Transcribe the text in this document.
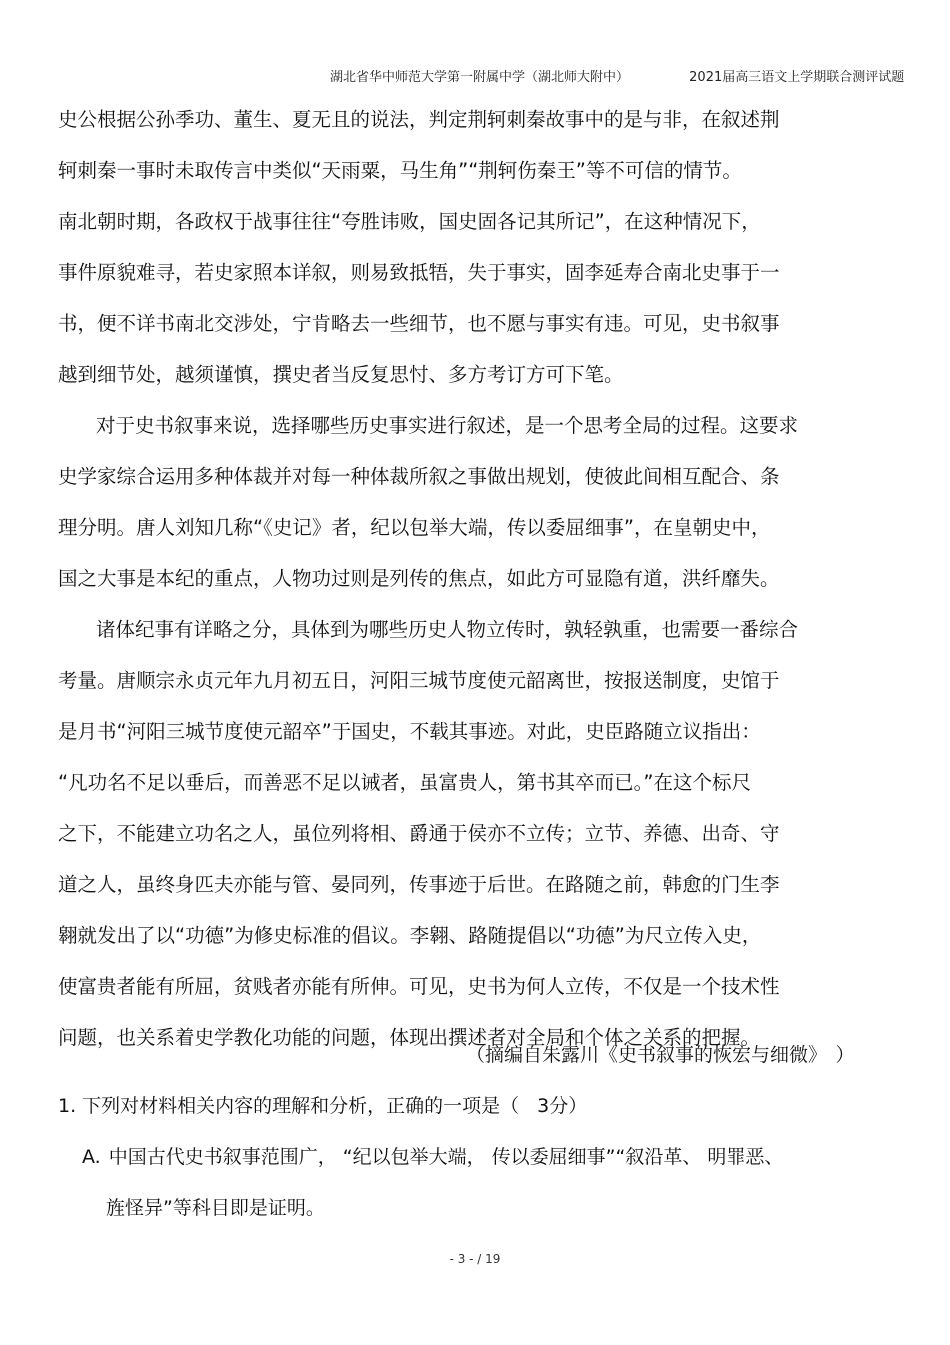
湖北省华中师范大学第一附属中学（湖北师大附中）	2021届高三语文上学期联合测评试题
史公根据公孙季功、董生、夏无且的说法，判定荆轲刺秦故事中的是与非，在叙述荆
轲刺秦一事时未取传言中类似“天雨粟，马生角”“荆轲伤秦王”等不可信的情节。
南北朝时期，各政权于战事往往“夸胜讳败，国史固各记其所记”，在这种情况下，
事件原貌难寻，若史家照本详叙，则易致抵牾，失于事实，固李延寿合南北史事于一
书，便不详书南北交涉处，宁肯略去一些细节，也不愿与事实有违。可见，史书叙事
越到细节处，越须谨慎，撰史者当反复思忖、多方考订方可下笔。
对于史书叙事来说，选择哪些历史事实进行叙述，是一个思考全局的过程。这要求
史学家综合运用多种体裁并对每一种体裁所叙之事做出规划，使彼此间相互配合、条
理分明。唐人刘知几称“《史记》者，纪以包举大端，传以委屈细事”，在皇朝史中，
国之大事是本纪的重点，人物功过则是列传的焦点，如此方可显隐有道，洪纤靡失。
诸体纪事有详略之分，具体到为哪些历史人物立传时，孰轻孰重，也需要一番综合
考量。唐顺宗永贞元年九月初五日，河阳三城节度使元韶离世，按报送制度，史馆于
是月书“河阳三城节度使元韶卒”于国史，不载其事迹。对此，史臣路随立议指出：
“凡功名不足以垂后，而善恶不足以诫者，虽富贵人，第书其卒而已。”在这个标尺
之下，不能建立功名之人，虽位列将相、爵通于侯亦不立传；立节、养德、出奇、守
道之人，虽终身匹夫亦能与管、晏同列，传事迹于后世。在路随之前，韩愈的门生李
翱就发出了以“功德”为修史标准的倡议。李翱、路随提倡以“功德”为尺立传入史，
使富贵者能有所屈，贫贱者亦能有所伸。可见，史书为何人立传，不仅是一个技术性
问题，也关系着史学教化功能的问题，体现出撰述者对全局和个体之关系的把握。
（摘编自朱露川《史书叙事的恢宏与细微》 ）
1. 下列对材料相关内容的理解和分析，正确的一项是（ 3分）
A. 中国古代史书叙事范围广， “纪以包举大端， 传以委屈细事”“叙沿革、 明罪恶、
旌怪异”等科目即是证明。
- 3 - / 19
